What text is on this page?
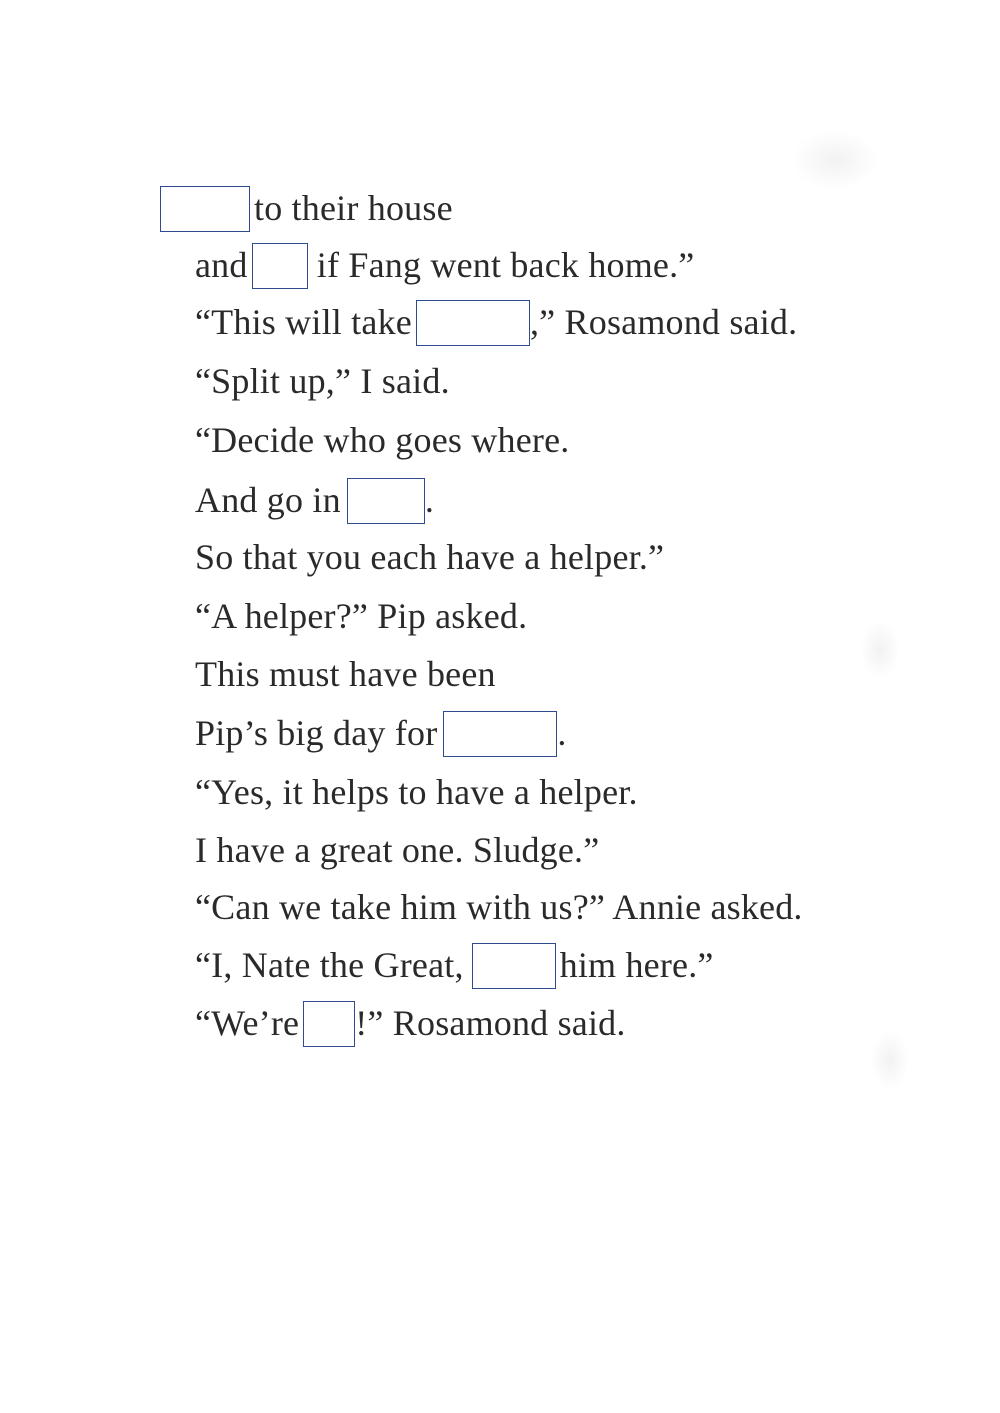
to their house
and if Fang went back home.”
“This will take	,” Rosamond said.
“Split up,” I said.
“Decide who goes where.
And go in .
So that you each have a helper.”
“A helper?” Pip asked.
This must have been
Pip’s big day for	.
“Yes, it helps to have a helper.
I have a great one. Sludge.”
“Can we take him with us?” Annie asked.
“I, Nate the Great,	him here.”
“We’re !” Rosamond said.
